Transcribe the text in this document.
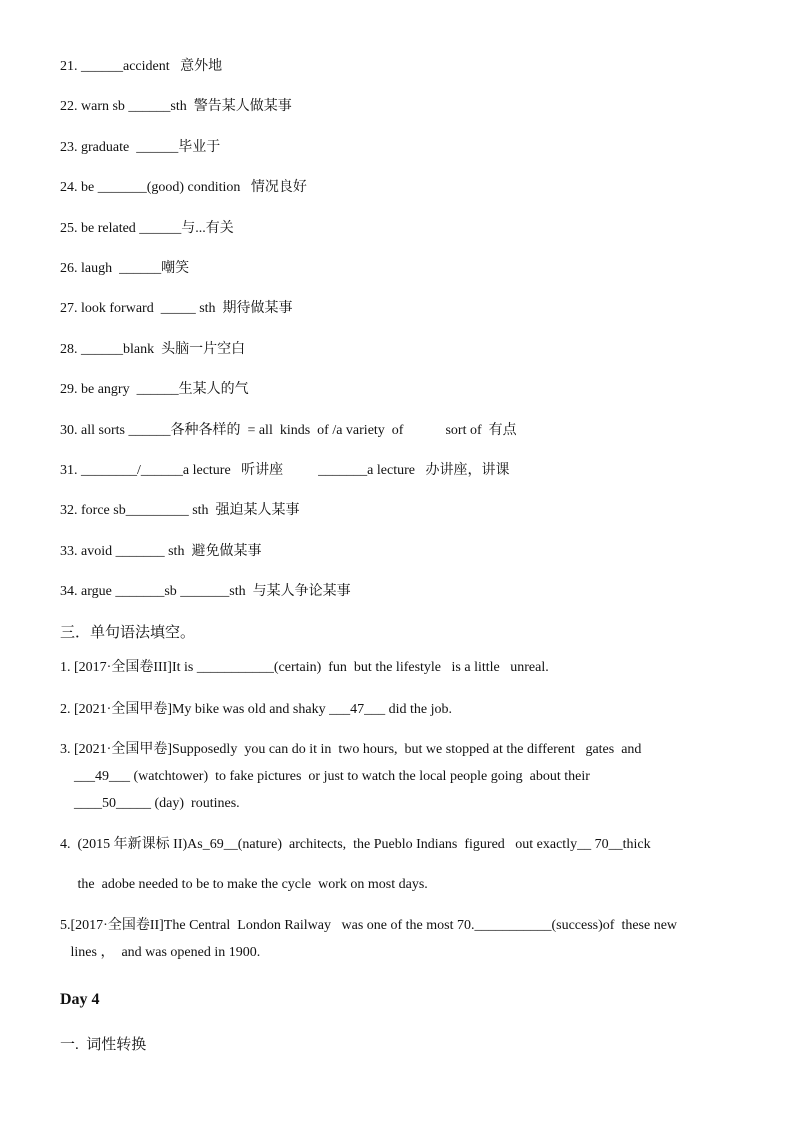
21. ______accident   意外地
22. warn sb ______sth  警告某人做某事
23. graduate  ______毕业于
24. be _______(good) condition   情况良好
25. be related ______与...有关
26. laugh  ______嘲笑
27. look forward  _____ sth  期待做某事
28. ______blank  头脑一片空白
29. be angry  ______生某人的气
30. all sorts ______各种各样的  = all  kinds  of /a variety  of            sort of  有点
31. ________/______a lecture   听讲座          _______a lecture   办讲座，讲课
32. force sb_________ sth  强迫某人某事
33. avoid _______ sth  避免做某事
34. argue _______sb _______sth  与某人争论某事
三．单句语法填空。
1. [2017·全国卷III]It is ___________(certain)  fun  but the lifestyle   is a little   unreal.
2. [2021·全国甲卷]My bike was old and shaky ___47___ did the job.
3. [2021·全国甲卷]Supposedly  you can do it in  two hours,  but we stopped at the different   gates  and
___49___ (watchtower)  to fake pictures  or just to watch the local people going  about their
____50_____ (day)  routines.
4.  (2015 年新课标 II)As_69__(nature)  architects,  the Pueblo Indians  figured   out exactly__ 70__thick
the  adobe needed to be to make the cycle  work on most days.
5.[2017·全国卷II]The Central  London Railway   was one of the most 70.___________(success)of  these new
lines ，  and was opened in 1900.
Day 4
一.  词性转换
